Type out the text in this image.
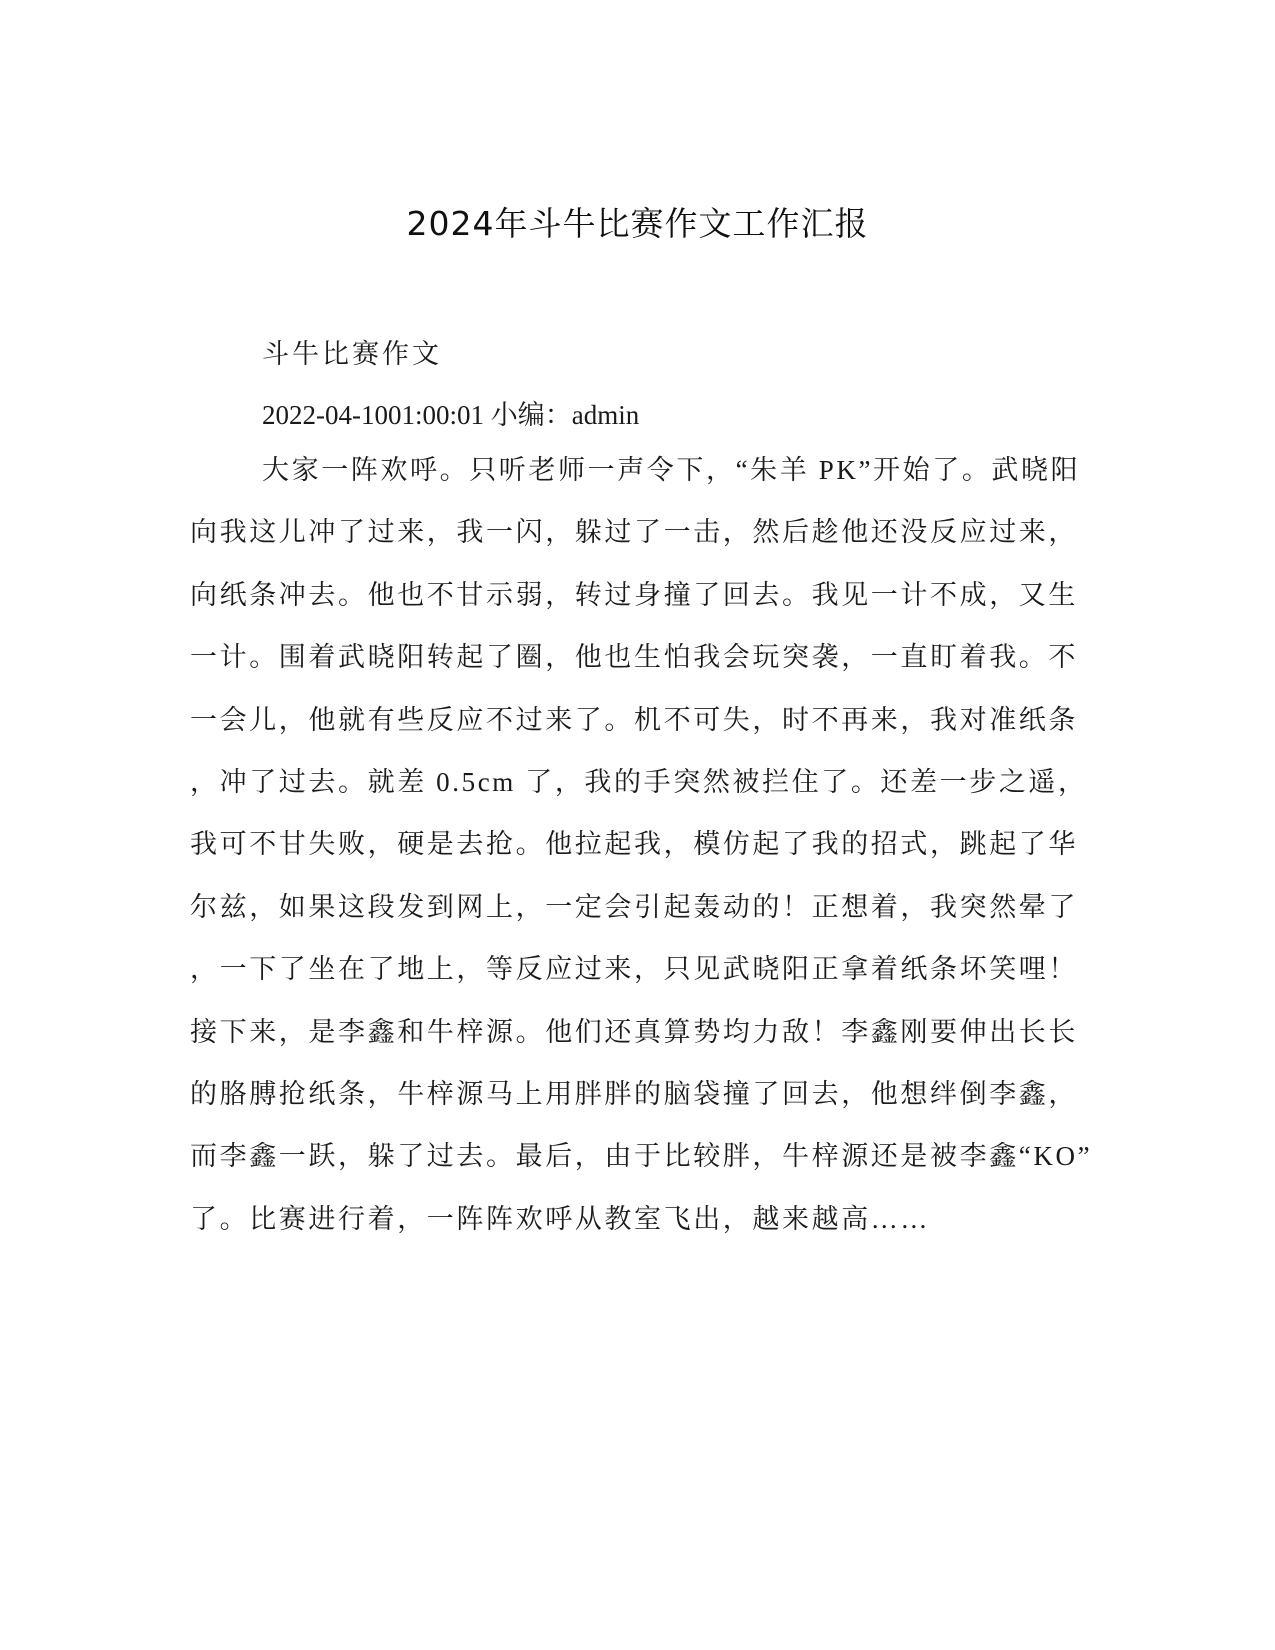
2024年斗牛比赛作文工作汇报

斗牛比赛作文

2022-04-1001:00:01 小编：admin

大家一阵欢呼。只听老师一声令下，“朱羊 PK”开始了。武晓阳
向我这儿冲了过来，我一闪，躲过了一击，然后趁他还没反应过来，
向纸条冲去。他也不甘示弱，转过身撞了回去。我见一计不成，又生
一计。围着武晓阳转起了圈，他也生怕我会玩突袭，一直盯着我。不
一会儿，他就有些反应不过来了。机不可失，时不再来，我对准纸条
，冲了过去。就差 0.5cm 了，我的手突然被拦住了。还差一步之遥，
我可不甘失败，硬是去抢。他拉起我，模仿起了我的招式，跳起了华
尔兹，如果这段发到网上，一定会引起轰动的！正想着，我突然晕了
，一下了坐在了地上，等反应过来，只见武晓阳正拿着纸条坏笑哩！
接下来，是李鑫和牛梓源。他们还真算势均力敌！李鑫刚要伸出长长
的胳膊抢纸条，牛梓源马上用胖胖的脑袋撞了回去，他想绊倒李鑫，
而李鑫一跃，躲了过去。最后，由于比较胖，牛梓源还是被李鑫“KO”
了。比赛进行着，一阵阵欢呼从教室飞出，越来越高……
